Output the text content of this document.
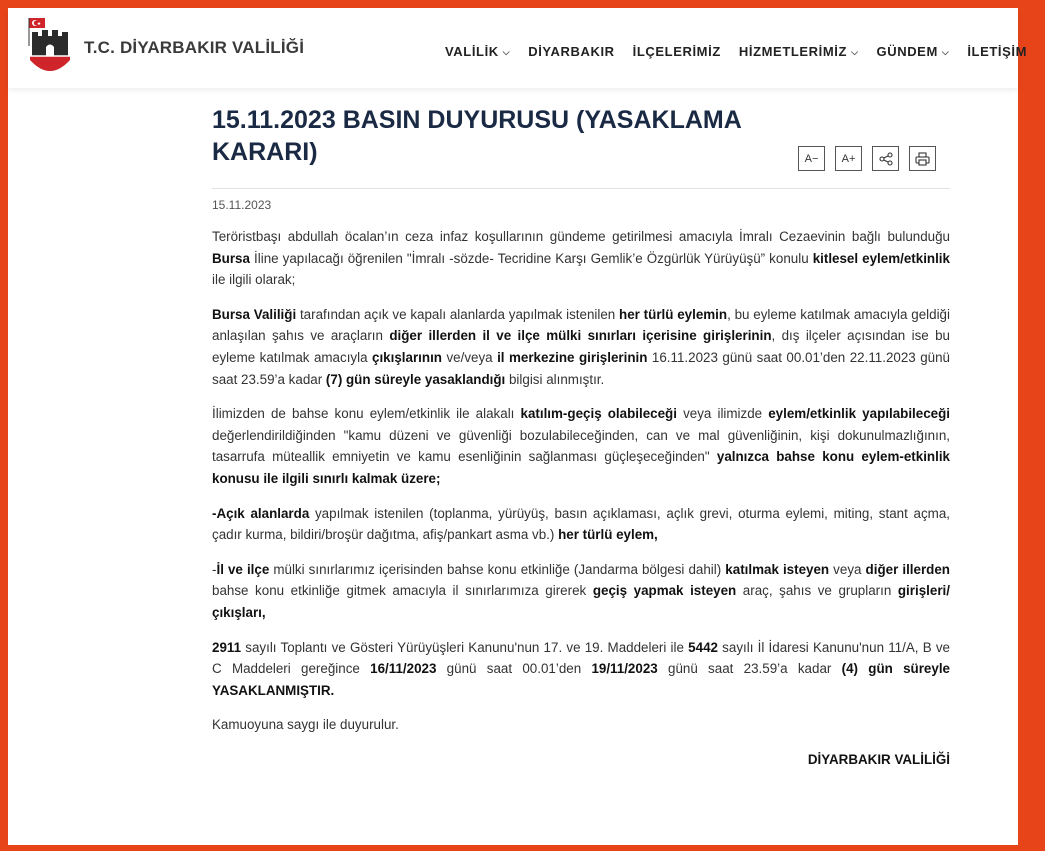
T.C. DİYARBAKIR VALİLİĞİ	VALİLİK ⌵ DİYARBAKIR İLÇELERİMİZ HİZMETLERİMİZ ⌵ GÜNDEM ⌵ İLETİŞİM
15.11.2023 BASIN DUYURUSU (YASAKLAMA KARARI)	A− A+
15.11.2023

Teröristbaşı abdullah öcalan’ın ceza infaz koşullarının gündeme getirilmesi amacıyla İmralı Cezaevinin bağlı bulunduğu Bursa İline yapılacağı öğrenilen "İmralı -sözde- Tecridine Karşı Gemlik’e Özgürlük Yürüyüşü” konulu kitlesel eylem/etkinlik ile ilgili olarak;

Bursa Valiliği tarafından açık ve kapalı alanlarda yapılmak istenilen her türlü eylemin, bu eyleme katılmak amacıyla geldiği anlaşılan şahıs ve araçların diğer illerden il ve ilçe mülki sınırları içerisine girişlerinin, dış ilçeler açısından ise bu eyleme katılmak amacıyla çıkışlarının ve/veya il merkezine girişlerinin 16.11.2023 günü saat 00.01’den 22.11.2023 günü saat 23.59’a kadar (7) gün süreyle yasaklandığı bilgisi alınmıştır.

İlimizden de bahse konu eylem/etkinlik ile alakalı katılım-geçiş olabileceği veya ilimizde eylem/etkinlik yapılabileceği değerlendirildiğinden "kamu düzeni ve güvenliği bozulabileceğinden, can ve mal güvenliğinin, kişi dokunulmazlığının, tasarrufa müteallik emniyetin ve kamu esenliğinin sağlanması güçleşeceğinden" yalnızca bahse konu eylem-etkinlik konusu ile ilgili sınırlı kalmak üzere;

-Açık alanlarda yapılmak istenilen (toplanma, yürüyüş, basın açıklaması, açlık grevi, oturma eylemi, miting, stant açma, çadır kurma, bildiri/broşür dağıtma, afiş/pankart asma vb.) her türlü eylem,

-İl ve ilçe mülki sınırlarımız içerisinden bahse konu etkinliğe (Jandarma bölgesi dahil) katılmak isteyen veya diğer illerden bahse konu etkinliğe gitmek amacıyla il sınırlarımıza girerek geçiş yapmak isteyen araç, şahıs ve grupların girişleri/çıkışları,

2911 sayılı Toplantı ve Gösteri Yürüyüşleri Kanunu'nun 17. ve 19. Maddeleri ile 5442 sayılı İl İdaresi Kanunu'nun 11/A, B ve C Maddeleri gereğince 16/11/2023 günü saat 00.01’den 19/11/2023 günü saat 23.59’a kadar (4) gün süreyle YASAKLANMIŞTIR.

Kamuoyuna saygı ile duyurulur.

DİYARBAKIR VALİLİĞİ
